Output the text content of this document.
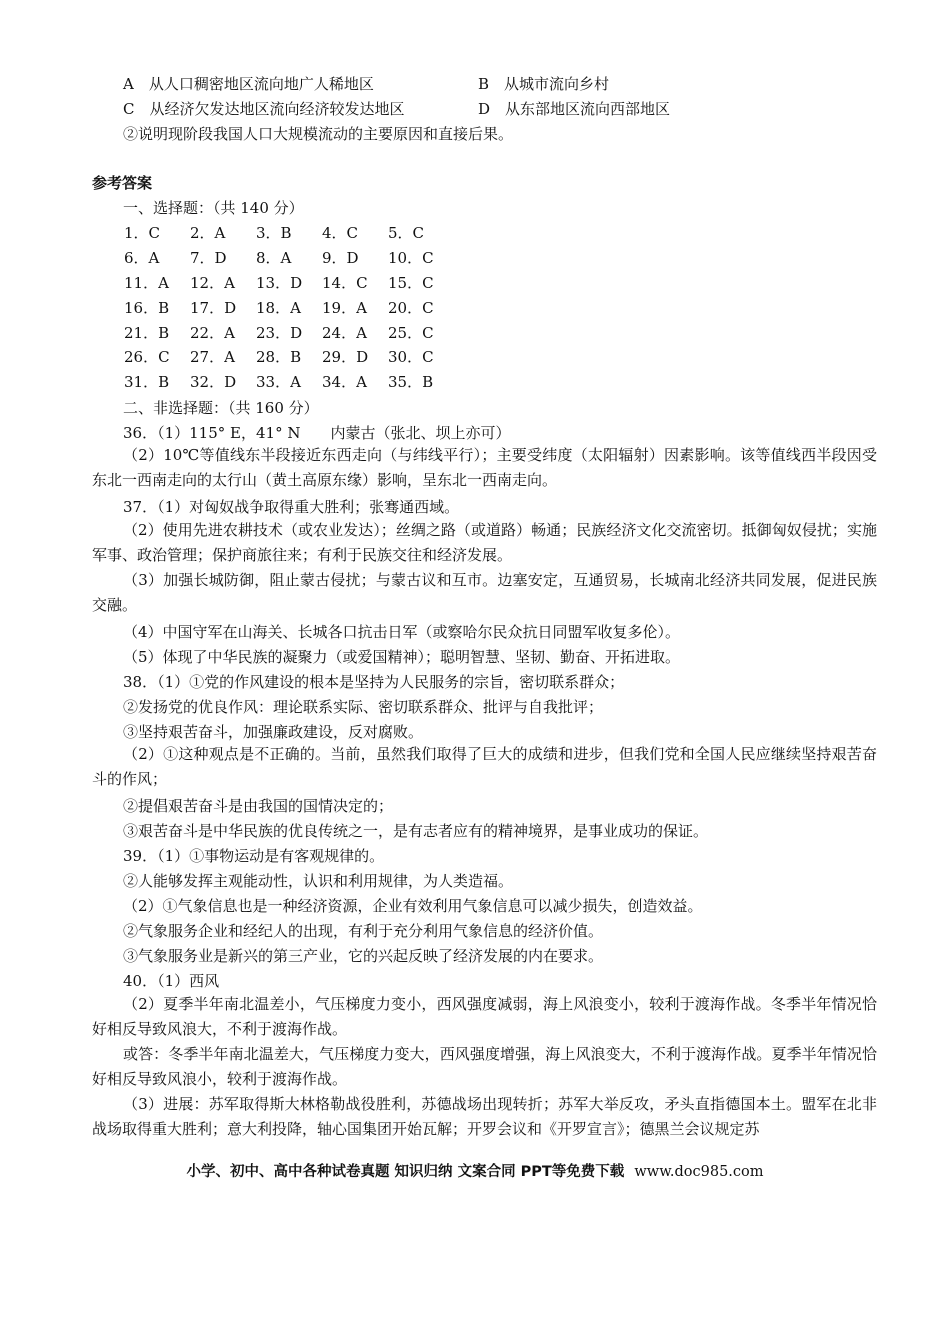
A　从人口稠密地区流向地广人稀地区	B　从城市流向乡村
C　从经济欠发达地区流向经济较发达地区	D　从东部地区流向西部地区
②说明现阶段我国人口大规模流动的主要原因和直接后果。
参考答案
一、选择题：（共 140 分）
1．C 2．A 3．B 4．C 5．C
6．A 7．D 8．A 9．D 10．C
11．A 12．A 13．D 14．C 15．C
16．B 17．D 18．A 19．A 20．C
21．B 22．A 23．D 24．A 25．C
26．C 27．A 28．B 29．D 30．C
31．B 32．D 33．A 34．A 35．B
二、非选择题：（共 160 分）
36．（1）115° E，41° N　　内蒙古（张北、坝上亦可）
（2）10℃等值线东半段接近东西走向（与纬线平行）；主要受纬度（太阳辐射）因素影响。该等值线西半段因受东北一西南走向的太行山（黄土高原东缘）影响，呈东北一西南走向。
37．（1）对匈奴战争取得重大胜利；张骞通西域。
（2）使用先进农耕技术（或农业发达）；丝绸之路（或道路）畅通；民族经济文化交流密切。抵御匈奴侵扰；实施军事、政治管理；保护商旅往来；有利于民族交往和经济发展。
（3）加强长城防御，阻止蒙古侵扰；与蒙古议和互市。边塞安定，互通贸易，长城南北经济共同发展，促进民族交融。
（4）中国守军在山海关、长城各口抗击日军（或察哈尔民众抗日同盟军收复多伦）。
（5）体现了中华民族的凝聚力（或爱国精神）；聪明智慧、坚韧、勤奋、开拓进取。
38．（1）①党的作风建设的根本是坚持为人民服务的宗旨，密切联系群众；
②发扬党的优良作风：理论联系实际、密切联系群众、批评与自我批评；
③坚持艰苦奋斗，加强廉政建设，反对腐败。
（2）①这种观点是不正确的。当前，虽然我们取得了巨大的成绩和进步，但我们党和全国人民应继续坚持艰苦奋斗的作风；
②提倡艰苦奋斗是由我国的国情决定的；
③艰苦奋斗是中华民族的优良传统之一，是有志者应有的精神境界，是事业成功的保证。
39．（1）①事物运动是有客观规律的。
②人能够发挥主观能动性，认识和利用规律，为人类造福。
（2）①气象信息也是一种经济资源，企业有效利用气象信息可以减少损失，创造效益。
②气象服务企业和经纪人的出现，有利于充分利用气象信息的经济价值。
③气象服务业是新兴的第三产业，它的兴起反映了经济发展的内在要求。
40．（1）西风
（2）夏季半年南北温差小，气压梯度力变小，西风强度减弱，海上风浪变小，较利于渡海作战。冬季半年情况恰好相反导致风浪大，不利于渡海作战。
或答：冬季半年南北温差大，气压梯度力变大，西风强度增强，海上风浪变大，不利于渡海作战。夏季半年情况恰好相反导致风浪小，较利于渡海作战。
（3）进展：苏军取得斯大林格勒战役胜利，苏德战场出现转折；苏军大举反攻，矛头直指德国本土。盟军在北非战场取得重大胜利；意大利投降，轴心国集团开始瓦解；开罗会议和《开罗宣言》；德黑兰会议规定苏
小学、初中、高中各种试卷真题 知识归纳 文案合同 PPT等免费下载 www.doc985.com
